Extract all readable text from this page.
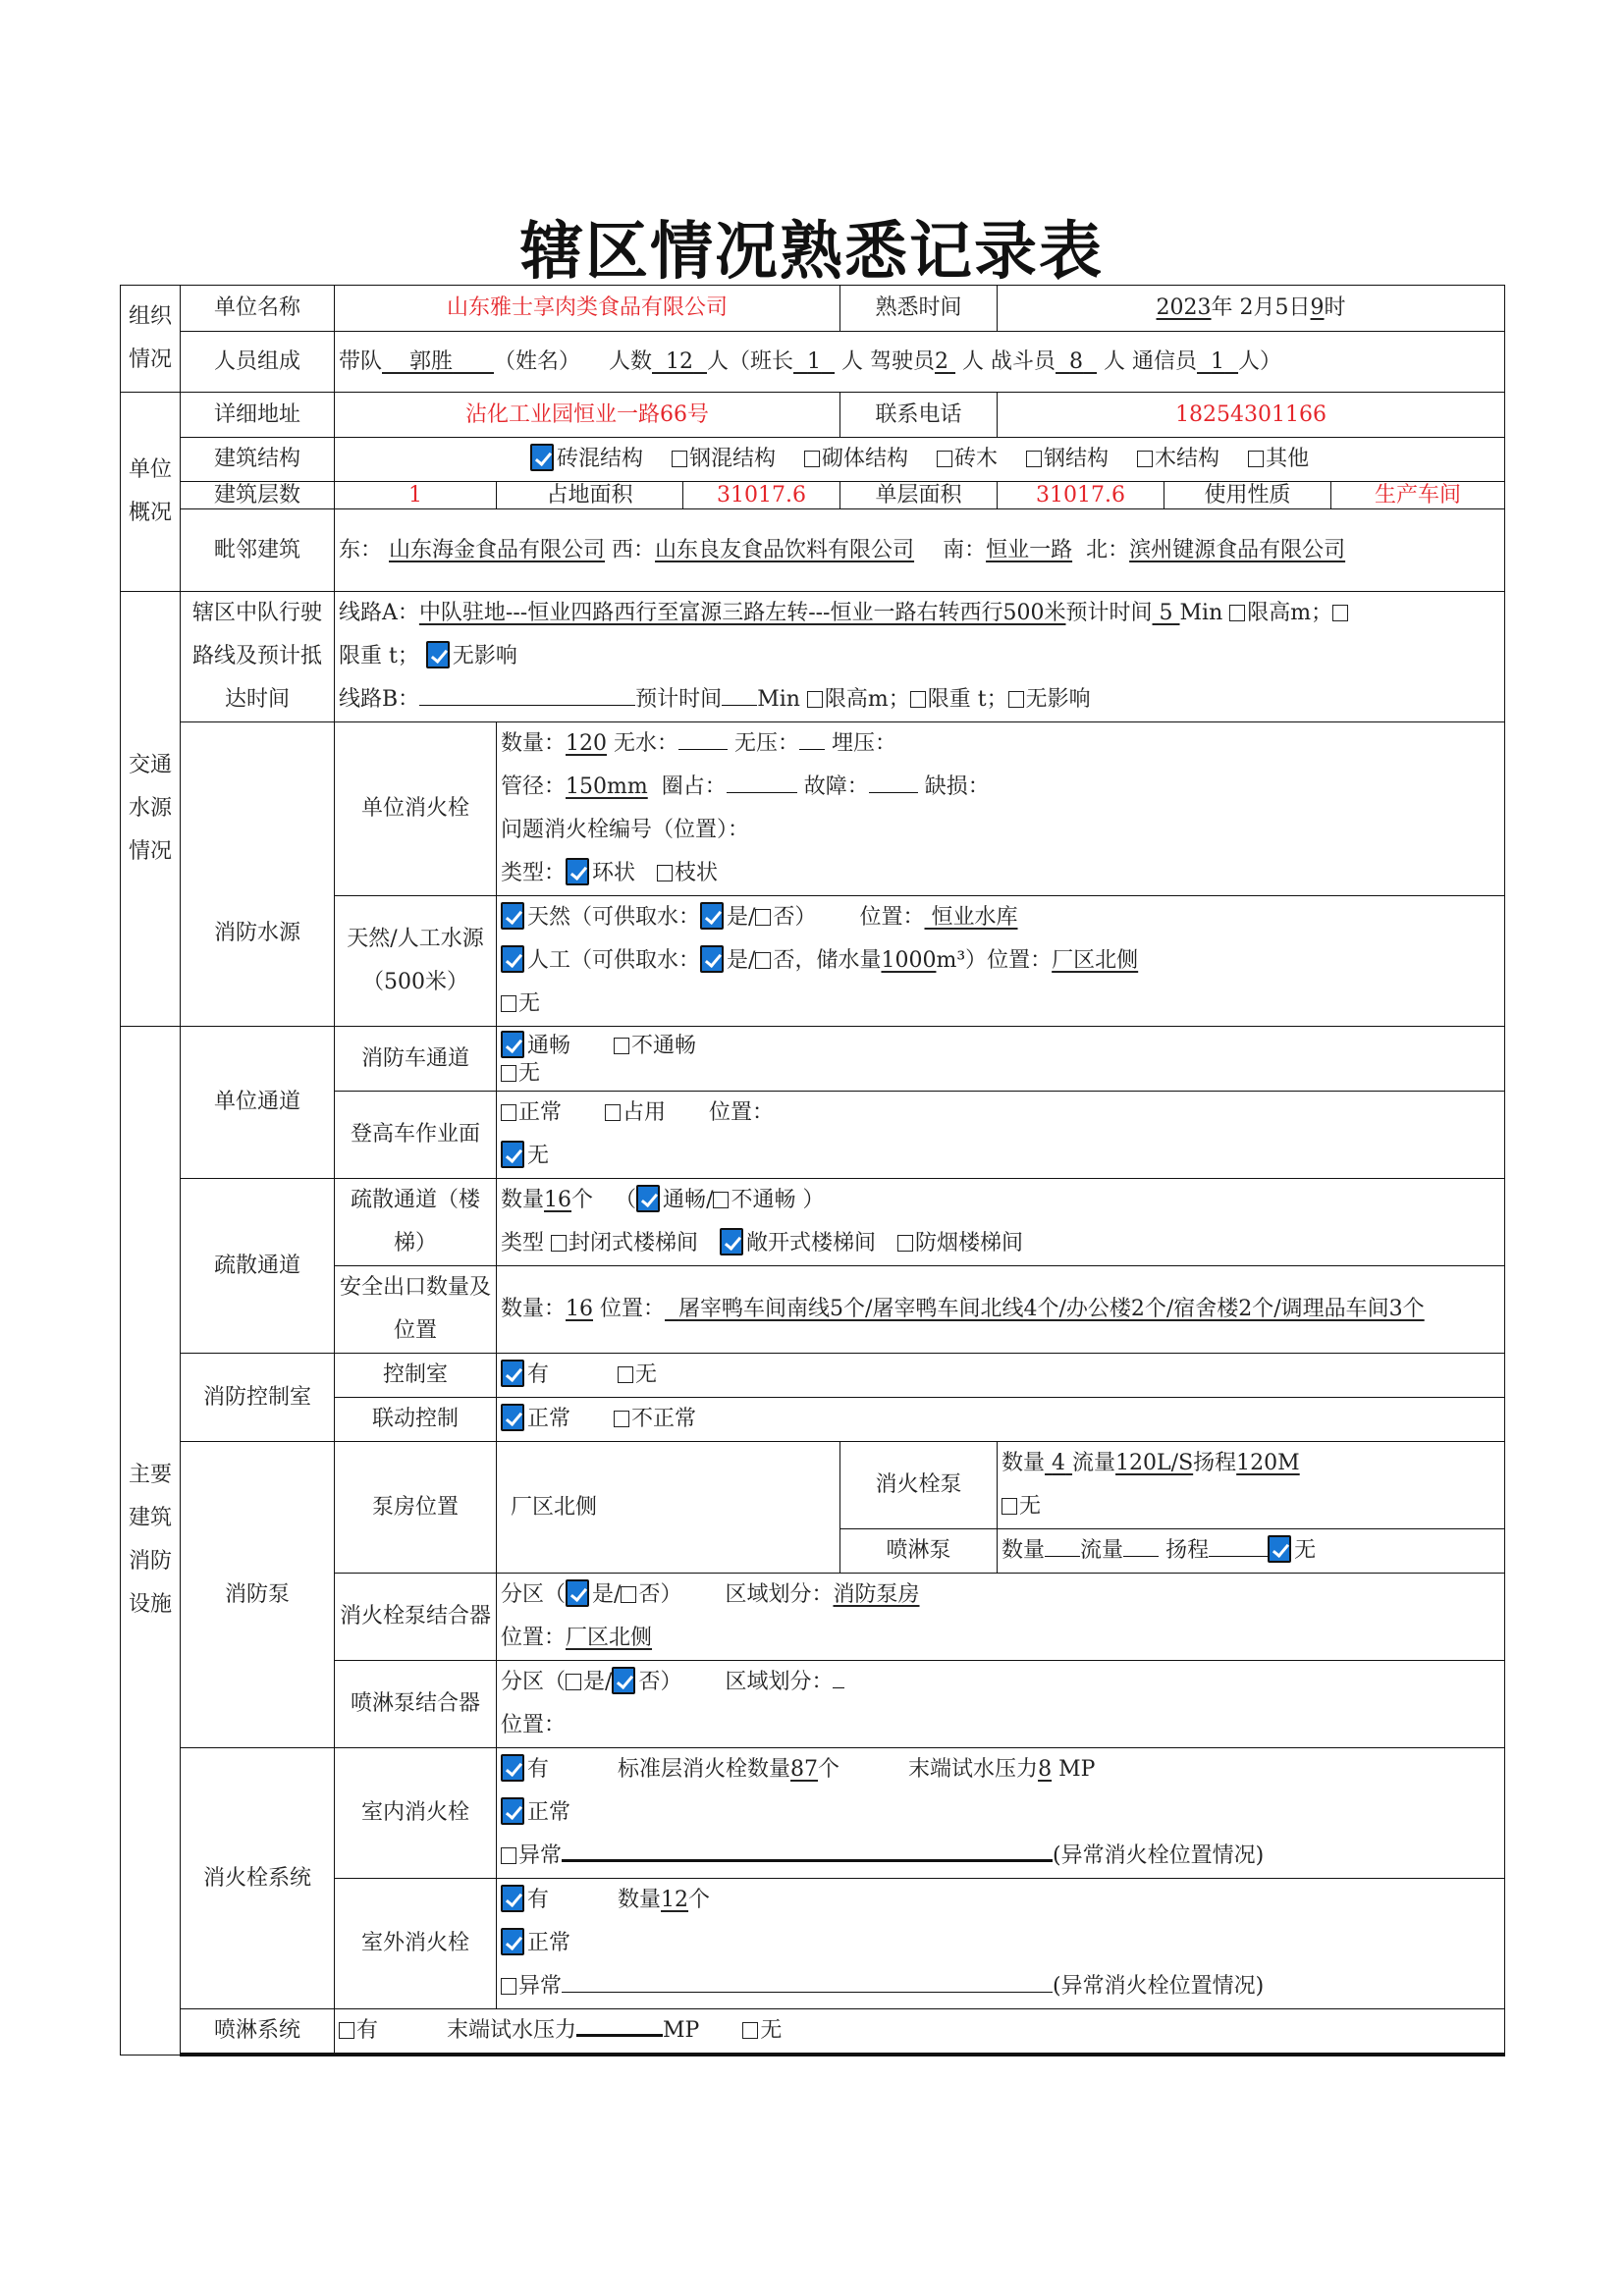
辖区情况熟悉记录表
组织情况	单位名称	山东雅士享肉类食品有限公司			熟悉时间	2023年 2月5日9时		
	人员组成	带队 郭胜 （姓名） 人数 12 人（班长 1 人 驾驶员2 人 战斗员 8 人 通信员 1 人）						
单位概况	详细地址	沾化工业园恒业一路66号			联系电话	18254301166		
	建筑结构	砖混结构 钢混结构 砌体结构 砖木 钢结构 木结构 其他						
	建筑层数	1	占地面积	31017.6	单层面积	31017.6	使用性质	生产车间
	毗邻建筑	东： 山东海金食品有限公司 西：山东良友食品饮料有限公司 南：恒业一路 北：滨州键源食品有限公司						
交通水源情况	辖区中队行驶路线及预计抵达时间	线路A：中队驻地---恒业四路西行至富源三路左转---恒业一路右转西行500米预计时间 5 Min 限高m；
限重 t； 无影响
线路B： 预计时间 Min 限高m； 限重 t； 无影响						

	消防水源	单位消火栓	数量：120 无水： 无压： 埋压：
管径：150mm 圈占： 故障： 缺损：
问题消火栓编号（位置）：
类型： 环状 枝状					

		天然/人工水源（500米）	天然（可供取水： 是/ 否） 位置： 恒业水库
人工（可供取水： 是/ 否，储水量1000m³）位置：厂区北侧
无					

主要建筑消防设施	单位通道	消防车通道	通畅 不通畅
无					
		登高车作业面	正常 占用 位置：
无					

	疏散通道	疏散通道（楼梯）	数量16个 （ 通畅/ 不通畅 ）
类型 封闭式楼梯间 敞开式楼梯间 防烟楼梯间					

		安全出口数量及位置	数量：16 位置： 屠宰鸭车间南线5个/屠宰鸭车间北线4个/办公楼2个/宿舍楼2个/调理品车间3个					
	消防控制室	控制室	有 无					
		联动控制	正常 不正常					
	消防泵	泵房位置	厂区北侧		消火栓泵	数量 4 流量120L/S扬程120M
无		

					喷淋泵	数量 流量 扬程 无		
		消火栓泵结合器	分区（ 是/ 否） 区域划分：消防泵房
位置：厂区北侧					

		喷淋泵结合器	分区（ 是/ 否） 区域划分：
位置：					

	消火栓系统	室内消火栓	有 标准层消火栓数量87个 末端试水压力8 MP
正常
异常 (异常消火栓位置情况)					

		室外消火栓	有 数量12个
正常
异常 (异常消火栓位置情况)					

	喷淋系统	有 末端试水压力 MP 无						
